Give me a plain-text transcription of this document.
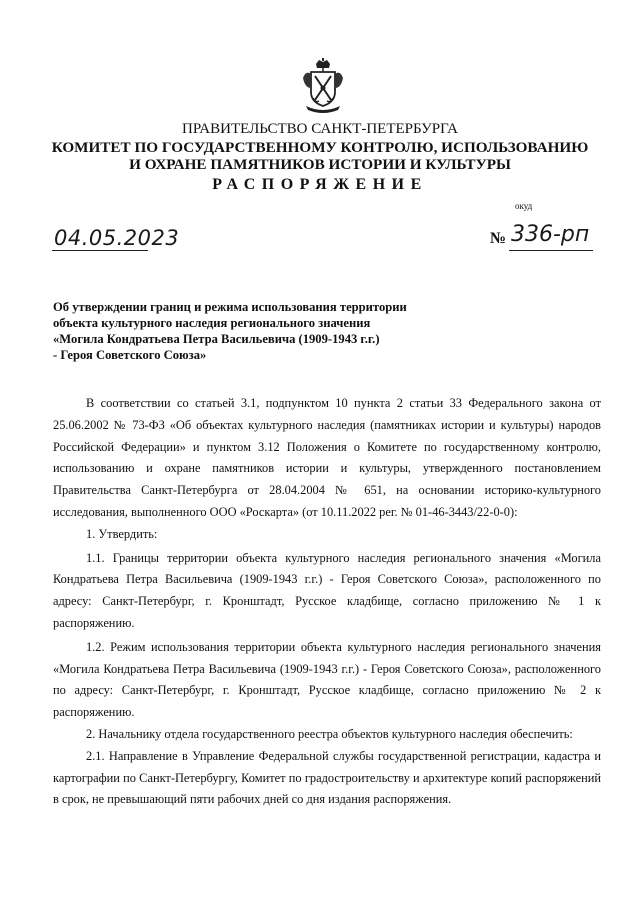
ПРАВИТЕЛЬСТВО САНКТ-ПЕТЕРБУРГА
КОМИТЕТ ПО ГОСУДАРСТВЕННОМУ КОНТРОЛЮ, ИСПОЛЬЗОВАНИЮ
И ОХРАНЕ ПАМЯТНИКОВ ИСТОРИИ И КУЛЬТУРЫ
РАСПОРЯЖЕНИЕ
окуд
04.05.2023	№ 336-рп
Об утверждении границ и режима использования территории
объекта культурного наследия регионального значения
«Могила Кондратьева Петра Васильевича (1909-1943 г.г.)
- Героя Советского Союза»

В соответствии со статьей 3.1, подпунктом 10 пункта 2 статьи 33 Федерального закона от 25.06.2002 № 73-ФЗ «Об объектах культурного наследия (памятниках истории и культуры) народов Российской Федерации» и пунктом 3.12 Положения о Комитете по государственному контролю, использованию и охране памятников истории и культуры, утвержденного постановлением Правительства Санкт-Петербурга от 28.04.2004 № 651, на основании историко-культурного исследования, выполненного ООО «Роскарта» (от 10.11.2022 рег. № 01-46-3443/22-0-0):

1. Утвердить:

1.1. Границы территории объекта культурного наследия регионального значения «Могила Кондратьева Петра Васильевича (1909-1943 г.г.) - Героя Советского Союза», расположенного по адресу: Санкт-Петербург, г. Кронштадт, Русское кладбище, согласно приложению № 1 к распоряжению.

1.2. Режим использования территории объекта культурного наследия регионального значения «Могила Кондратьева Петра Васильевича (1909-1943 г.г.) - Героя Советского Союза», расположенного по адресу: Санкт-Петербург, г. Кронштадт, Русское кладбище, согласно приложению № 2 к распоряжению.

2. Начальнику отдела государственного реестра объектов культурного наследия обеспечить:

2.1. Направление в Управление Федеральной службы государственной регистрации, кадастра и картографии по Санкт-Петербургу, Комитет по градостроительству и архитектуре копий распоряжений в срок, не превышающий пяти рабочих дней со дня издания распоряжения.
